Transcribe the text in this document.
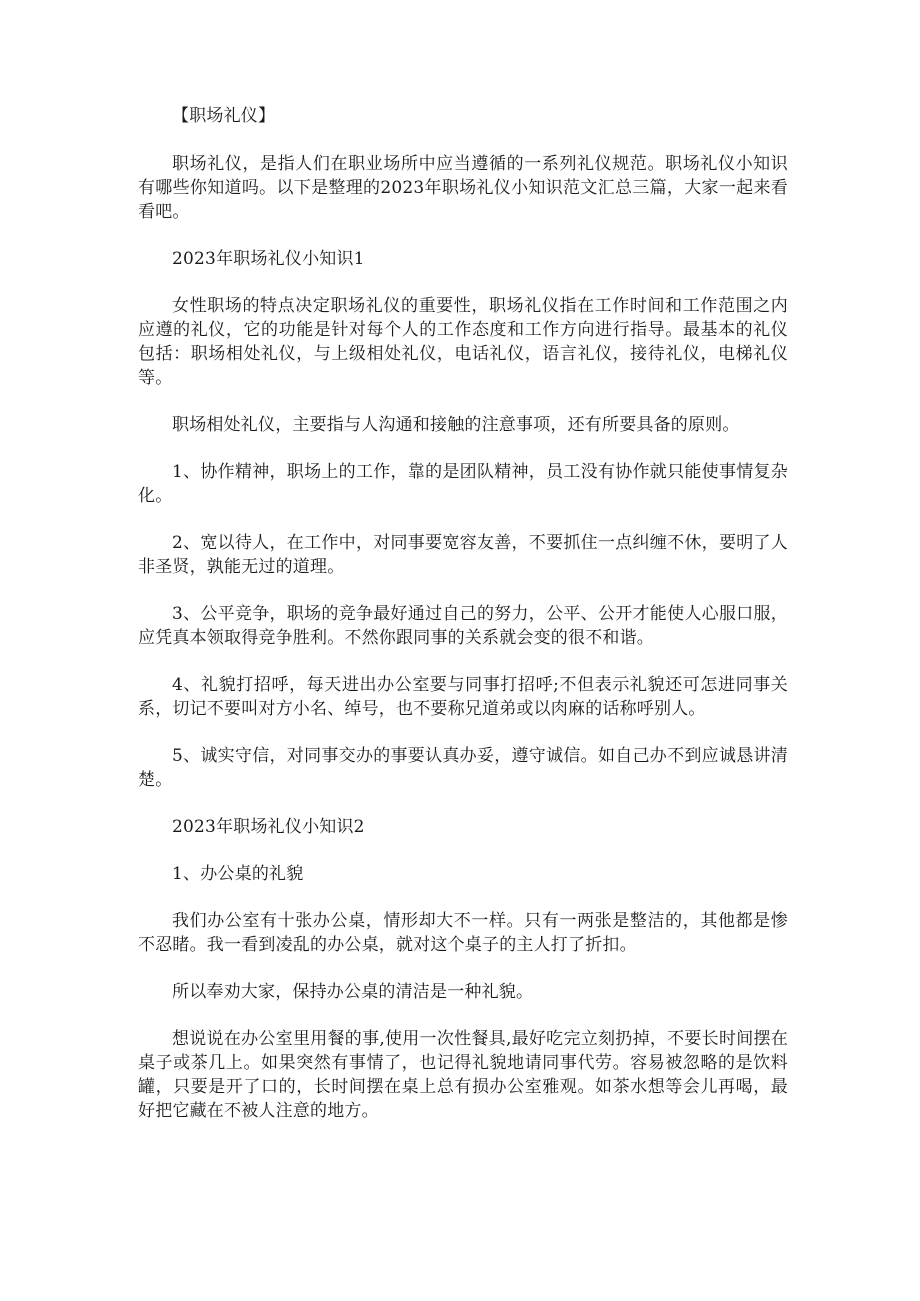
【职场礼仪】

职场礼仪，是指人们在职业场所中应当遵循的一系列礼仪规范。职场礼仪小知识有哪些你知道吗。以下是整理的2023年职场礼仪小知识范文汇总三篇，大家一起来看看吧。

2023年职场礼仪小知识1

女性职场的特点决定职场礼仪的重要性，职场礼仪指在工作时间和工作范围之内应遵的礼仪，它的功能是针对每个人的工作态度和工作方向进行指导。最基本的礼仪包括：职场相处礼仪，与上级相处礼仪，电话礼仪，语言礼仪，接待礼仪，电梯礼仪等。

职场相处礼仪，主要指与人沟通和接触的注意事项，还有所要具备的原则。

1、协作精神，职场上的工作，靠的是团队精神，员工没有协作就只能使事情复杂化。

2、宽以待人，在工作中，对同事要宽容友善，不要抓住一点纠缠不休，要明了人非圣贤，孰能无过的道理。

3、公平竞争，职场的竞争最好通过自己的努力，公平、公开才能使人心服口服，应凭真本领取得竞争胜利。不然你跟同事的关系就会变的很不和谐。

4、礼貌打招呼，每天进出办公室要与同事打招呼;不但表示礼貌还可怎进同事关系，切记不要叫对方小名、绰号，也不要称兄道弟或以肉麻的话称呼别人。

5、诚实守信，对同事交办的事要认真办妥，遵守诚信。如自己办不到应诚恳讲清楚。

2023年职场礼仪小知识2

1、办公桌的礼貌

我们办公室有十张办公桌，情形却大不一样。只有一两张是整洁的，其他都是惨不忍睹。我一看到凌乱的办公桌，就对这个桌子的主人打了折扣。

所以奉劝大家，保持办公桌的清洁是一种礼貌。

想说说在办公室里用餐的事,使用一次性餐具,最好吃完立刻扔掉，不要长时间摆在桌子或茶几上。如果突然有事情了，也记得礼貌地请同事代劳。容易被忽略的是饮料罐，只要是开了口的，长时间摆在桌上总有损办公室雅观。如茶水想等会儿再喝，最好把它藏在不被人注意的地方。
